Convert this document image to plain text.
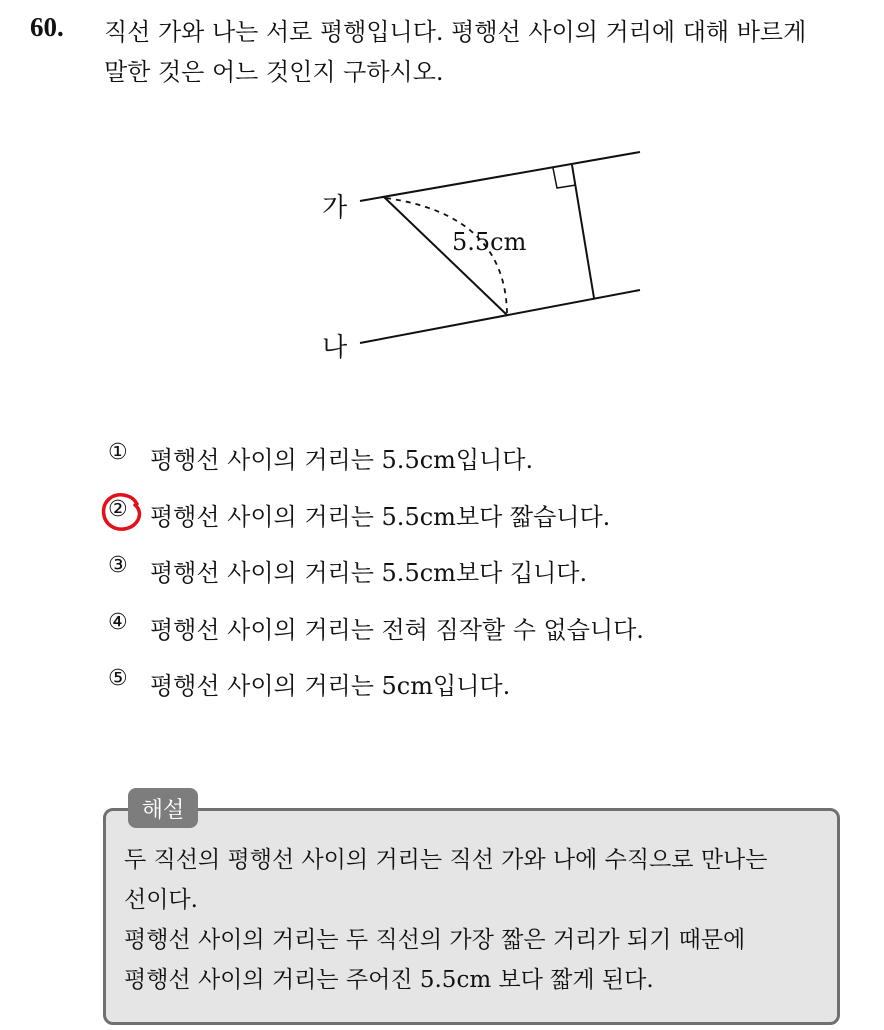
60. 직선 가와 나는 서로 평행입니다. 평행선 사이의 거리에 대해 바르게
말한 것은 어느 것인지 구하시오.
가
나
5.5cm
① 평행선 사이의 거리는 5.5cm입니다.
② 평행선 사이의 거리는 5.5cm보다 짧습니다.
③ 평행선 사이의 거리는 5.5cm보다 깁니다.
④ 평행선 사이의 거리는 전혀 짐작할 수 없습니다.
⑤ 평행선 사이의 거리는 5cm입니다.
해설
두 직선의 평행선 사이의 거리는 직선 가와 나에 수직으로 만나는
선이다.
평행선 사이의 거리는 두 직선의 가장 짧은 거리가 되기 때문에
평행선 사이의 거리는 주어진 5.5cm 보다 짧게 된다.
